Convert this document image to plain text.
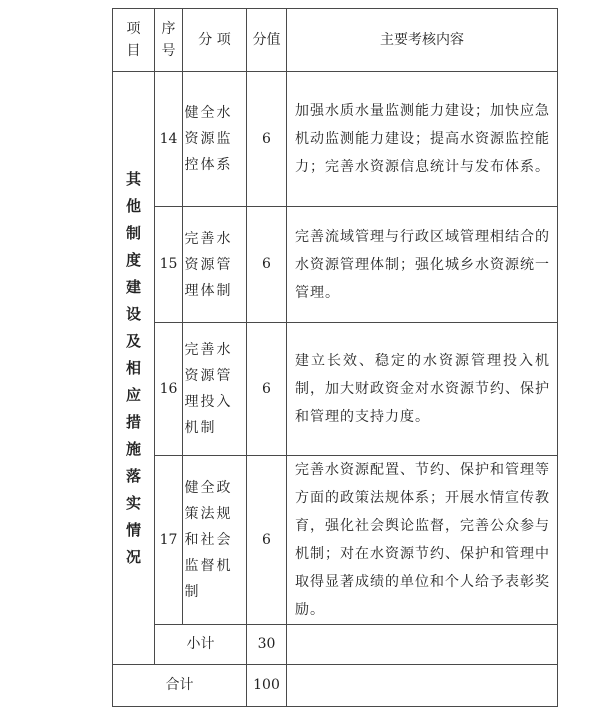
项目	序号	分 项	分值	主要考核内容
其他制度建设及相应措施落实情况	14	健全水资源监控体系	6	加强水质水量监测能力建设；加快应急机动监测能力建设；提高水资源监控能力；完善水资源信息统计与发布体系。

	15	完善水资源管理体制	6	完善流域管理与行政区域管理相结合的水资源管理体制；强化城乡水资源统一管理。

	16	完善水资源管理投入机制	6	建立长效、稳定的水资源管理投入机制，加大财政资金对水资源节约、保护和管理的支持力度。

	17	健全政策法规和社会监督机制	6	完善水资源配置、节约、保护和管理等方面的政策法规体系；开展水情宣传教育，强化社会舆论监督，完善公众参与机制；对在水资源节约、保护和管理中取得显著成绩的单位和个人给予表彰奖励。

	小计		30	
合计			100	
